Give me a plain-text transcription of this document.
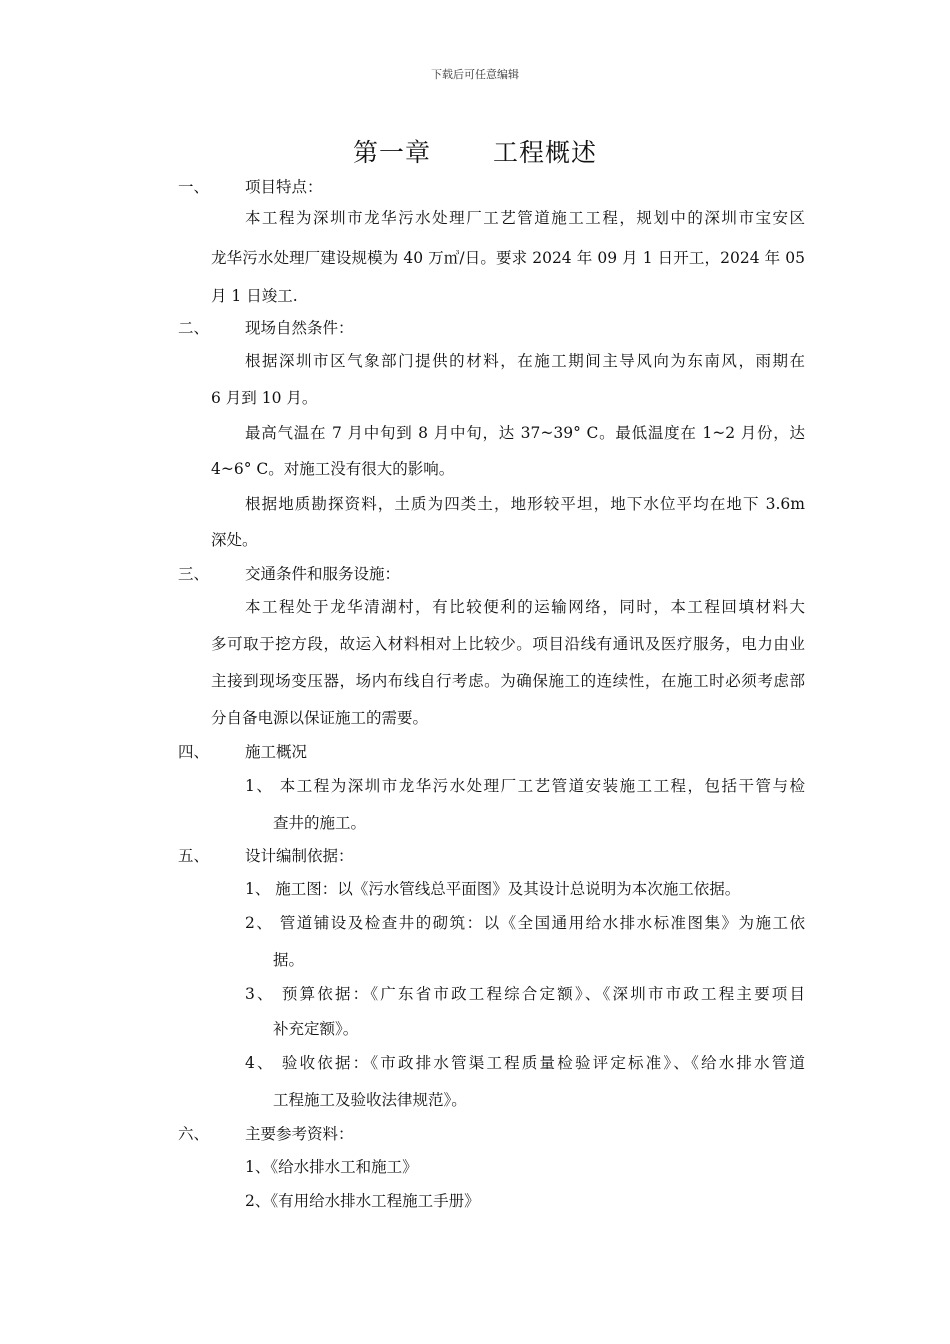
下载后可任意编辑
第一章 工程概述
一、 项目特点：
本工程为深圳市龙华污水处理厂工艺管道施工工程，规划中的深圳市宝安区
龙华污水处理厂建设规模为 40 万㎥/日。要求 2024 年 09 月 1 日开工，2024 年 05
月 1 日竣工.
二、 现场自然条件：
根据深圳市区气象部门提供的材料，在施工期间主导风向为东南风，雨期在
6 月到 10 月。
最高气温在 7 月中旬到 8 月中旬，达 37~39° C。最低温度在 1~2 月份，达
4~6° C。对施工没有很大的影响。
根据地质勘探资料，土质为四类土，地形较平坦，地下水位平均在地下 3.6m
深处。
三、 交通条件和服务设施：
本工程处于龙华清湖村，有比较便利的运输网络，同时，本工程回填材料大
多可取于挖方段，故运入材料相对上比较少。项目沿线有通讯及医疗服务，电力由业
主接到现场变压器，场内布线自行考虑。为确保施工的连续性，在施工时必须考虑部
分自备电源以保证施工的需要。
四、 施工概况
1、 本工程为深圳市龙华污水处理厂工艺管道安装施工工程，包括干管与检
查井的施工。
五、 设计编制依据：
1、 施工图：以《污水管线总平面图》及其设计总说明为本次施工依据。
2、 管道铺设及检查井的砌筑：以《全国通用给水排水标准图集》为施工依
据。
3、 预算依据：《广东省市政工程综合定额》、《深圳市市政工程主要项目
补充定额》。
4、 验收依据：《市政排水管渠工程质量检验评定标准》、《给水排水管道
工程施工及验收法律规范》。
六、 主要参考资料：
1、《给水排水工和施工》
2、《有用给水排水工程施工手册》
